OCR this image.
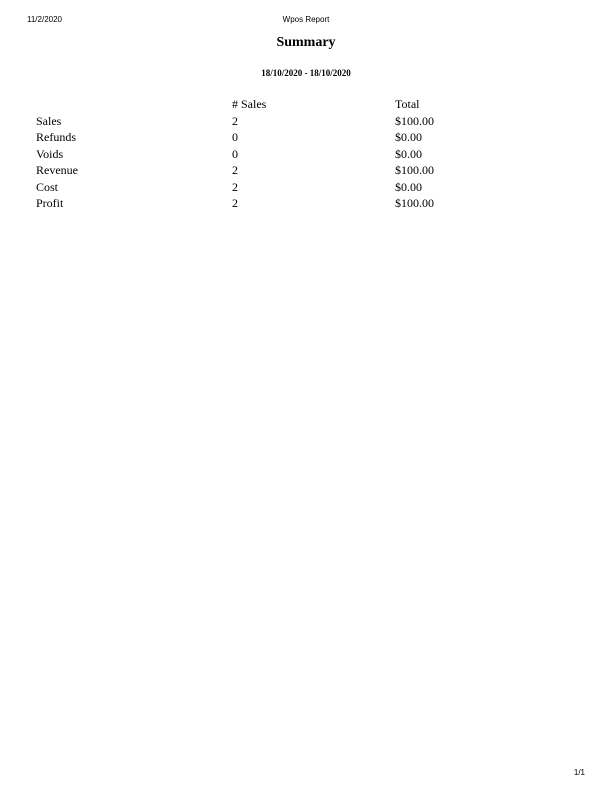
11/2/2020	Wpos Report
Summary
18/10/2020 - 18/10/2020
	# Sales	Total
Sales	2	$100.00
Refunds	0	$0.00
Voids	0	$0.00
Revenue	2	$100.00
Cost	2	$0.00
Profit	2	$100.00
1/1
